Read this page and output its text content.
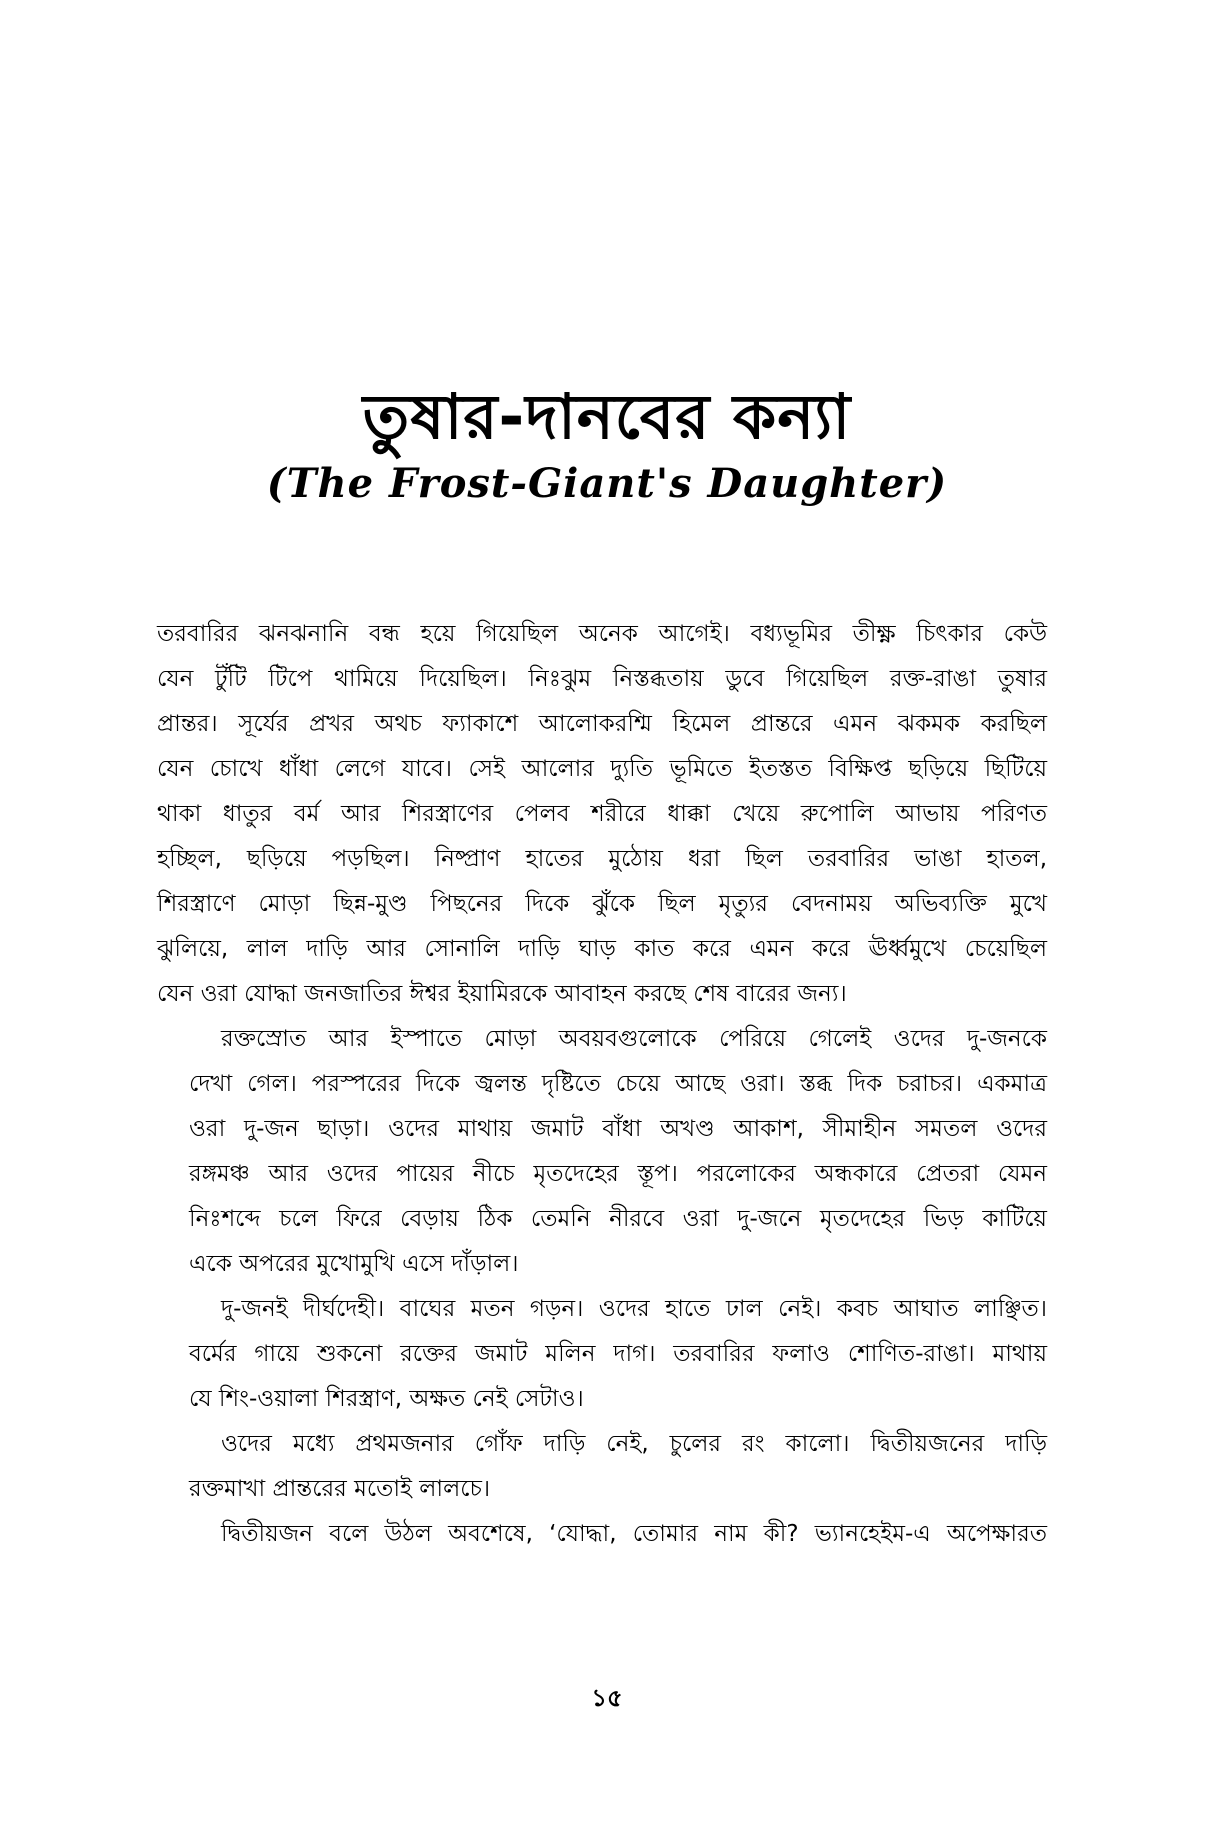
তুষার-দানবের কন্যা
(The Frost-Giant's Daughter)

তরবারির ঝনঝনানি বন্ধ হয়ে গিয়েছিল অনেক আগেই। বধ্যভূমির তীক্ষ্ণ চিৎকার কেউ
যেন টুঁটি টিপে থামিয়ে দিয়েছিল। নিঃঝুম নিস্তব্ধতায় ডুবে গিয়েছিল রক্ত-রাঙা তুষার
প্রান্তর। সূর্যের প্রখর অথচ ফ্যাকাশে আলোকরশ্মি হিমেল প্রান্তরে এমন ঝকমক করছিল
যেন চোখে ধাঁধা লেগে যাবে। সেই আলোর দ্যুতি ভূমিতে ইতস্তত বিক্ষিপ্ত ছড়িয়ে ছিটিয়ে
থাকা ধাতুর বর্ম আর শিরস্ত্রাণের পেলব শরীরে ধাক্কা খেয়ে রুপোলি আভায় পরিণত
হচ্ছিল, ছড়িয়ে পড়ছিল। নিষ্প্রাণ হাতের মুঠোয় ধরা ছিল তরবারির ভাঙা হাতল,
শিরস্ত্রাণে মোড়া ছিন্ন-মুণ্ড পিছনের দিকে ঝুঁকে ছিল মৃত্যুর বেদনাময় অভিব্যক্তি মুখে
ঝুলিয়ে, লাল দাড়ি আর সোনালি দাড়ি ঘাড় কাত করে এমন করে ঊর্ধ্বমুখে চেয়েছিল
যেন ওরা যোদ্ধা জনজাতির ঈশ্বর ইয়ামিরকে আবাহন করছে শেষ বারের জন্য।

রক্তস্রোত আর ইস্পাতে মোড়া অবয়বগুলোকে পেরিয়ে গেলেই ওদের দু-জনকে
দেখা গেল। পরস্পরের দিকে জ্বলন্ত দৃষ্টিতে চেয়ে আছে ওরা। স্তব্ধ দিক চরাচর। একমাত্র
ওরা দু-জন ছাড়া। ওদের মাথায় জমাট বাঁধা অখণ্ড আকাশ, সীমাহীন সমতল ওদের
রঙ্গমঞ্চ আর ওদের পায়ের নীচে মৃতদেহের স্তূপ। পরলোকের অন্ধকারে প্রেতরা যেমন
নিঃশব্দে চলে ফিরে বেড়ায় ঠিক তেমনি নীরবে ওরা দু-জনে মৃতদেহের ভিড় কাটিয়ে
একে অপরের মুখোমুখি এসে দাঁড়াল।

দু-জনই দীর্ঘদেহী। বাঘের মতন গড়ন। ওদের হাতে ঢাল নেই। কবচ আঘাত লাঞ্ছিত।
বর্মের গায়ে শুকনো রক্তের জমাট মলিন দাগ। তরবারির ফলাও শোণিত-রাঙা। মাথায়
যে শিং-ওয়ালা শিরস্ত্রাণ, অক্ষত নেই সেটাও।

ওদের মধ্যে প্রথমজনার গোঁফ দাড়ি নেই, চুলের রং কালো। দ্বিতীয়জনের দাড়ি
রক্তমাখা প্রান্তরের মতোই লালচে।

দ্বিতীয়জন বলে উঠল অবশেষে, ‘যোদ্ধা, তোমার নাম কী? ভ্যানহেইম-এ অপেক্ষারত

১৫
